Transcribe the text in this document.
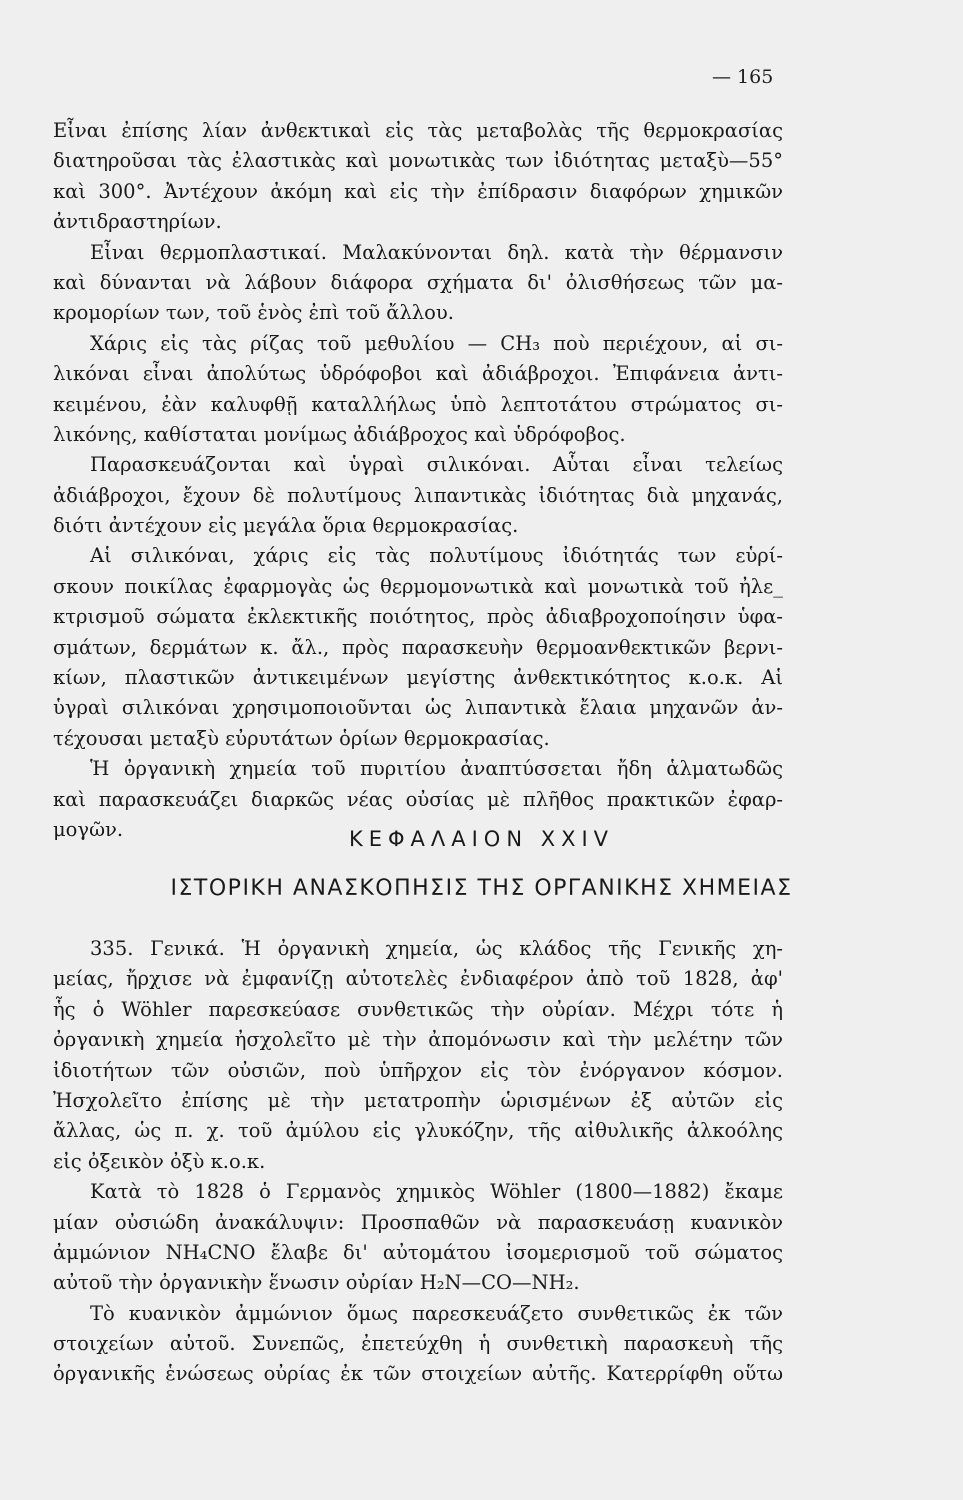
— 165
Εἶναι ἐπίσης λίαν ἀνθεκτικαὶ εἰς τὰς μεταβολὰς τῆς θερμοκρασίας
διατηροῦσαι τὰς ἐλαστικὰς καὶ μονωτικὰς των ἰδιότητας μεταξὺ—55°
καὶ 300°. Ἀντέχουν ἀκόμη καὶ εἰς τὴν ἐπίδρασιν διαφόρων χημικῶν
ἀντιδραστηρίων.
Εἶναι θερμοπλαστικαί. Μαλακύνονται δηλ. κατὰ τὴν θέρμανσιν
καὶ δύνανται νὰ λάβουν διάφορα σχήματα δι' ὀλισθήσεως τῶν μα-
κρομορίων των, τοῦ ἑνὸς ἐπὶ τοῦ ἄλλου.
Χάρις εἰς τὰς ρίζας τοῦ μεθυλίου — CH₃ ποὺ περιέχουν, αἱ σι-
λικόναι εἶναι ἀπολύτως ὑδρόφοβοι καὶ ἀδιάβροχοι. Ἐπιφάνεια ἀντι-
κειμένου, ἐὰν καλυφθῇ καταλλήλως ὑπὸ λεπτοτάτου στρώματος σι-
λικόνης, καθίσταται μονίμως ἀδιάβροχος καὶ ὑδρόφοβος.
Παρασκευάζονται καὶ ὑγραὶ σιλικόναι. Αὗται εἶναι τελείως
ἀδιάβροχοι, ἔχουν δὲ πολυτίμους λιπαντικὰς ἰδιότητας διὰ μηχανάς,
διότι ἀντέχουν εἰς μεγάλα ὅρια θερμοκρασίας.
Αἱ σιλικόναι, χάρις εἰς τὰς πολυτίμους ἰδιότητάς των εὑρί-
σκουν ποικίλας ἐφαρμογὰς ὡς θερμομονωτικὰ καὶ μονωτικὰ τοῦ ἠλε_
κτρισμοῦ σώματα ἐκλεκτικῆς ποιότητος, πρὸς ἀδιαβροχοποίησιν ὑφα-
σμάτων, δερμάτων κ. ἄλ., πρὸς παρασκευὴν θερμοανθεκτικῶν βερνι-
κίων, πλαστικῶν ἀντικειμένων μεγίστης ἀνθεκτικότητος κ.ο.κ. Αἱ
ὑγραὶ σιλικόναι χρησιμοποιοῦνται ὡς λιπαντικὰ ἔλαια μηχανῶν ἀν-
τέχουσαι μεταξὺ εὐρυτάτων ὁρίων θερμοκρασίας.
Ἡ ὀργανικὴ χημεία τοῦ πυριτίου ἀναπτύσσεται ἤδη ἁλματωδῶς
καὶ παρασκευάζει διαρκῶς νέας οὐσίας μὲ πλῆθος πρακτικῶν ἐφαρ-
μογῶν.	ΚΕΦΑΛΑΙΟΝ XXIV
ΙΣΤΟΡΙΚΗ ΑΝΑΣΚΟΠΗΣΙΣ ΤΗΣ ΟΡΓΑΝΙΚΗΣ ΧΗΜΕΙΑΣ
335. Γενικά. Ἡ ὀργανικὴ χημεία, ὡς κλάδος τῆς Γενικῆς χη-
μείας, ἤρχισε νὰ ἐμφανίζῃ αὐτοτελὲς ἐνδιαφέρον ἀπὸ τοῦ 1828, ἀφ'
ἧς ὁ Wöhler παρεσκεύασε συνθετικῶς τὴν οὐρίαν. Μέχρι τότε ἡ
ὀργανικὴ χημεία ἠσχολεῖτο μὲ τὴν ἀπομόνωσιν καὶ τὴν μελέτην τῶν
ἰδιοτήτων τῶν οὐσιῶν, ποὺ ὑπῆρχον εἰς τὸν ἐνόργανον κόσμον.
Ἠσχολεῖτο ἐπίσης μὲ τὴν μετατροπὴν ὡρισμένων ἐξ αὐτῶν εἰς
ἄλλας, ὡς π. χ. τοῦ ἀμύλου εἰς γλυκόζην, τῆς αἰθυλικῆς ἀλκοόλης
εἰς ὀξεικὸν ὀξὺ κ.ο.κ.
Κατὰ τὸ 1828 ὁ Γερμανὸς χημικὸς Wöhler (1800—1882) ἔκαμε
μίαν οὐσιώδη ἀνακάλυψιν: Προσπαθῶν νὰ παρασκευάσῃ κυανικὸν
ἀμμώνιον NH₄CNO ἔλαβε δι' αὐτομάτου ἰσομερισμοῦ τοῦ σώματος
αὐτοῦ τὴν ὀργανικὴν ἕνωσιν οὐρίαν H₂N—CO—NH₂.
Τὸ κυανικὸν ἀμμώνιον ὅμως παρεσκευάζετο συνθετικῶς ἐκ τῶν
στοιχείων αὐτοῦ. Συνεπῶς, ἐπετεύχθη ἡ συνθετικὴ παρασκευὴ τῆς
ὀργανικῆς ἑνώσεως οὐρίας ἐκ τῶν στοιχείων αὐτῆς. Κατερρίφθη οὕτω
